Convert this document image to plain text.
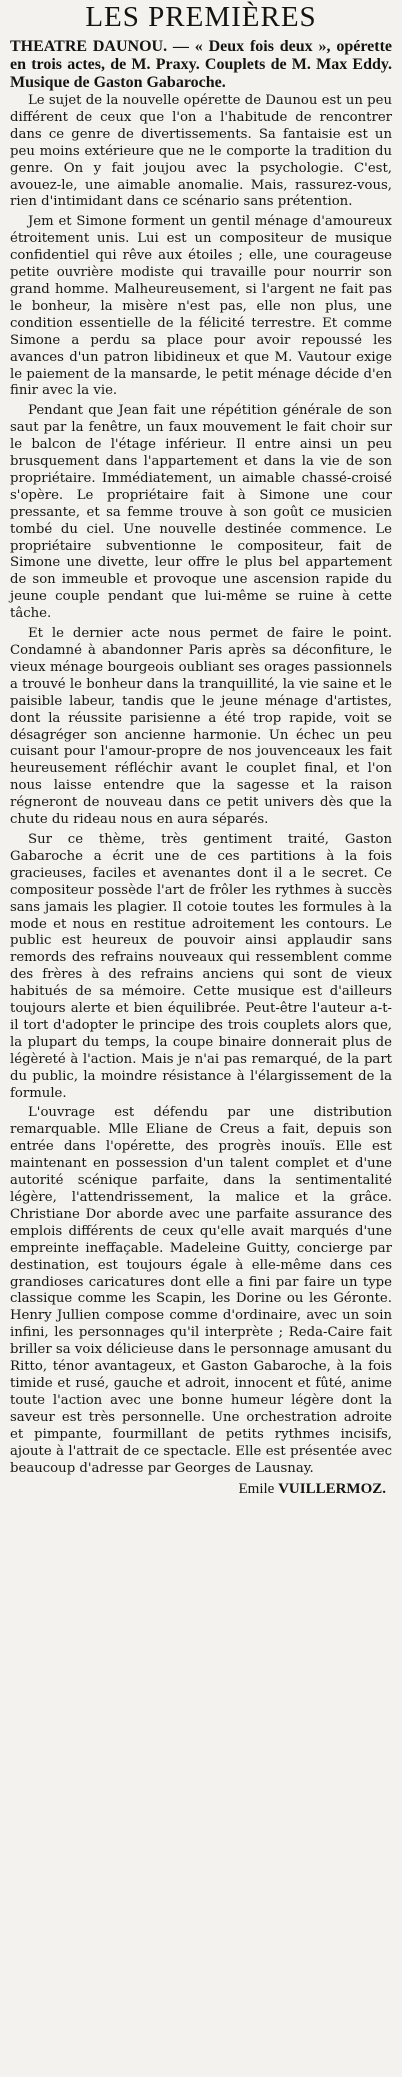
LES PREMIÈRES
THEATRE DAUNOU. — « Deux fois deux », opérette en trois actes, de M. Praxy. Couplets de M. Max Eddy. Musique de Gaston Gabaroche.

Le sujet de la nouvelle opérette de Daunou est un peu différent de ceux que l'on a l'habitude de rencontrer dans ce genre de divertissements. Sa fantaisie est un peu moins extérieure que ne le comporte la tradition du genre. On y fait joujou avec la psychologie. C'est, avouez-le, une aimable anomalie. Mais, rassurez-vous, rien d'intimidant dans ce scénario sans prétention.

Jem et Simone forment un gentil ménage d'amoureux étroitement unis. Lui est un compositeur de musique confidentiel qui rêve aux étoiles ; elle, une courageuse petite ouvrière modiste qui travaille pour nourrir son grand homme. Malheureusement, si l'argent ne fait pas le bonheur, la misère n'est pas, elle non plus, une condition essentielle de la félicité terrestre. Et comme Simone a perdu sa place pour avoir repoussé les avances d'un patron libidineux et que M. Vautour exige le paiement de la mansarde, le petit ménage décide d'en finir avec la vie.

Pendant que Jean fait une répétition générale de son saut par la fenêtre, un faux mouvement le fait choir sur le balcon de l'étage inférieur. Il entre ainsi un peu brusquement dans l'appartement et dans la vie de son propriétaire. Immédiatement, un aimable chassé-croisé s'opère. Le propriétaire fait à Simone une cour pressante, et sa femme trouve à son goût ce musicien tombé du ciel. Une nouvelle destinée commence. Le propriétaire subventionne le compositeur, fait de Simone une divette, leur offre le plus bel appartement de son immeuble et provoque une ascension rapide du jeune couple pendant que lui-même se ruine à cette tâche.

Et le dernier acte nous permet de faire le point. Condamné à abandonner Paris après sa déconfiture, le vieux ménage bourgeois oubliant ses orages passionnels a trouvé le bonheur dans la tranquillité, la vie saine et le paisible labeur, tandis que le jeune ménage d'artistes, dont la réussite parisienne a été trop rapide, voit se désagréger son ancienne harmonie. Un échec un peu cuisant pour l'amour-propre de nos jouvenceaux les fait heureusement réfléchir avant le couplet final, et l'on nous laisse entendre que la sagesse et la raison régneront de nouveau dans ce petit univers dès que la chute du rideau nous en aura séparés.

Sur ce thème, très gentiment traité, Gaston Gabaroche a écrit une de ces partitions à la fois gracieuses, faciles et avenantes dont il a le secret. Ce compositeur possède l'art de frôler les rythmes à succès sans jamais les plagier. Il cotoie toutes les formules à la mode et nous en restitue adroitement les contours. Le public est heureux de pouvoir ainsi applaudir sans remords des refrains nouveaux qui ressemblent comme des frères à des refrains anciens qui sont de vieux habitués de sa mémoire. Cette musique est d'ailleurs toujours alerte et bien équilibrée. Peut-être l'auteur a-t-il tort d'adopter le principe des trois couplets alors que, la plupart du temps, la coupe binaire donnerait plus de légèreté à l'action. Mais je n'ai pas remarqué, de la part du public, la moindre résistance à l'élargissement de la formule.

L'ouvrage est défendu par une distribution remarquable. Mlle Eliane de Creus a fait, depuis son entrée dans l'opérette, des progrès inouïs. Elle est maintenant en possession d'un talent complet et d'une autorité scénique parfaite, dans la sentimentalité légère, l'attendrissement, la malice et la grâce. Christiane Dor aborde avec une parfaite assurance des emplois différents de ceux qu'elle avait marqués d'une empreinte ineffaçable. Madeleine Guitty, concierge par destination, est toujours égale à elle-même dans ces grandioses caricatures dont elle a fini par faire un type classique comme les Scapin, les Dorine ou les Géronte. Henry Jullien compose comme d'ordinaire, avec un soin infini, les personnages qu'il interprète ; Reda-Caire fait briller sa voix délicieuse dans le personnage amusant du Ritto, ténor avantageux, et Gaston Gabaroche, à la fois timide et rusé, gauche et adroit, innocent et fûté, anime toute l'action avec une bonne humeur légère dont la saveur est très personnelle. Une orchestration adroite et pimpante, fourmillant de petits rythmes incisifs, ajoute à l'attrait de ce spectacle. Elle est présentée avec beaucoup d'adresse par Georges de Lausnay.

Emile VUILLERMOZ.
